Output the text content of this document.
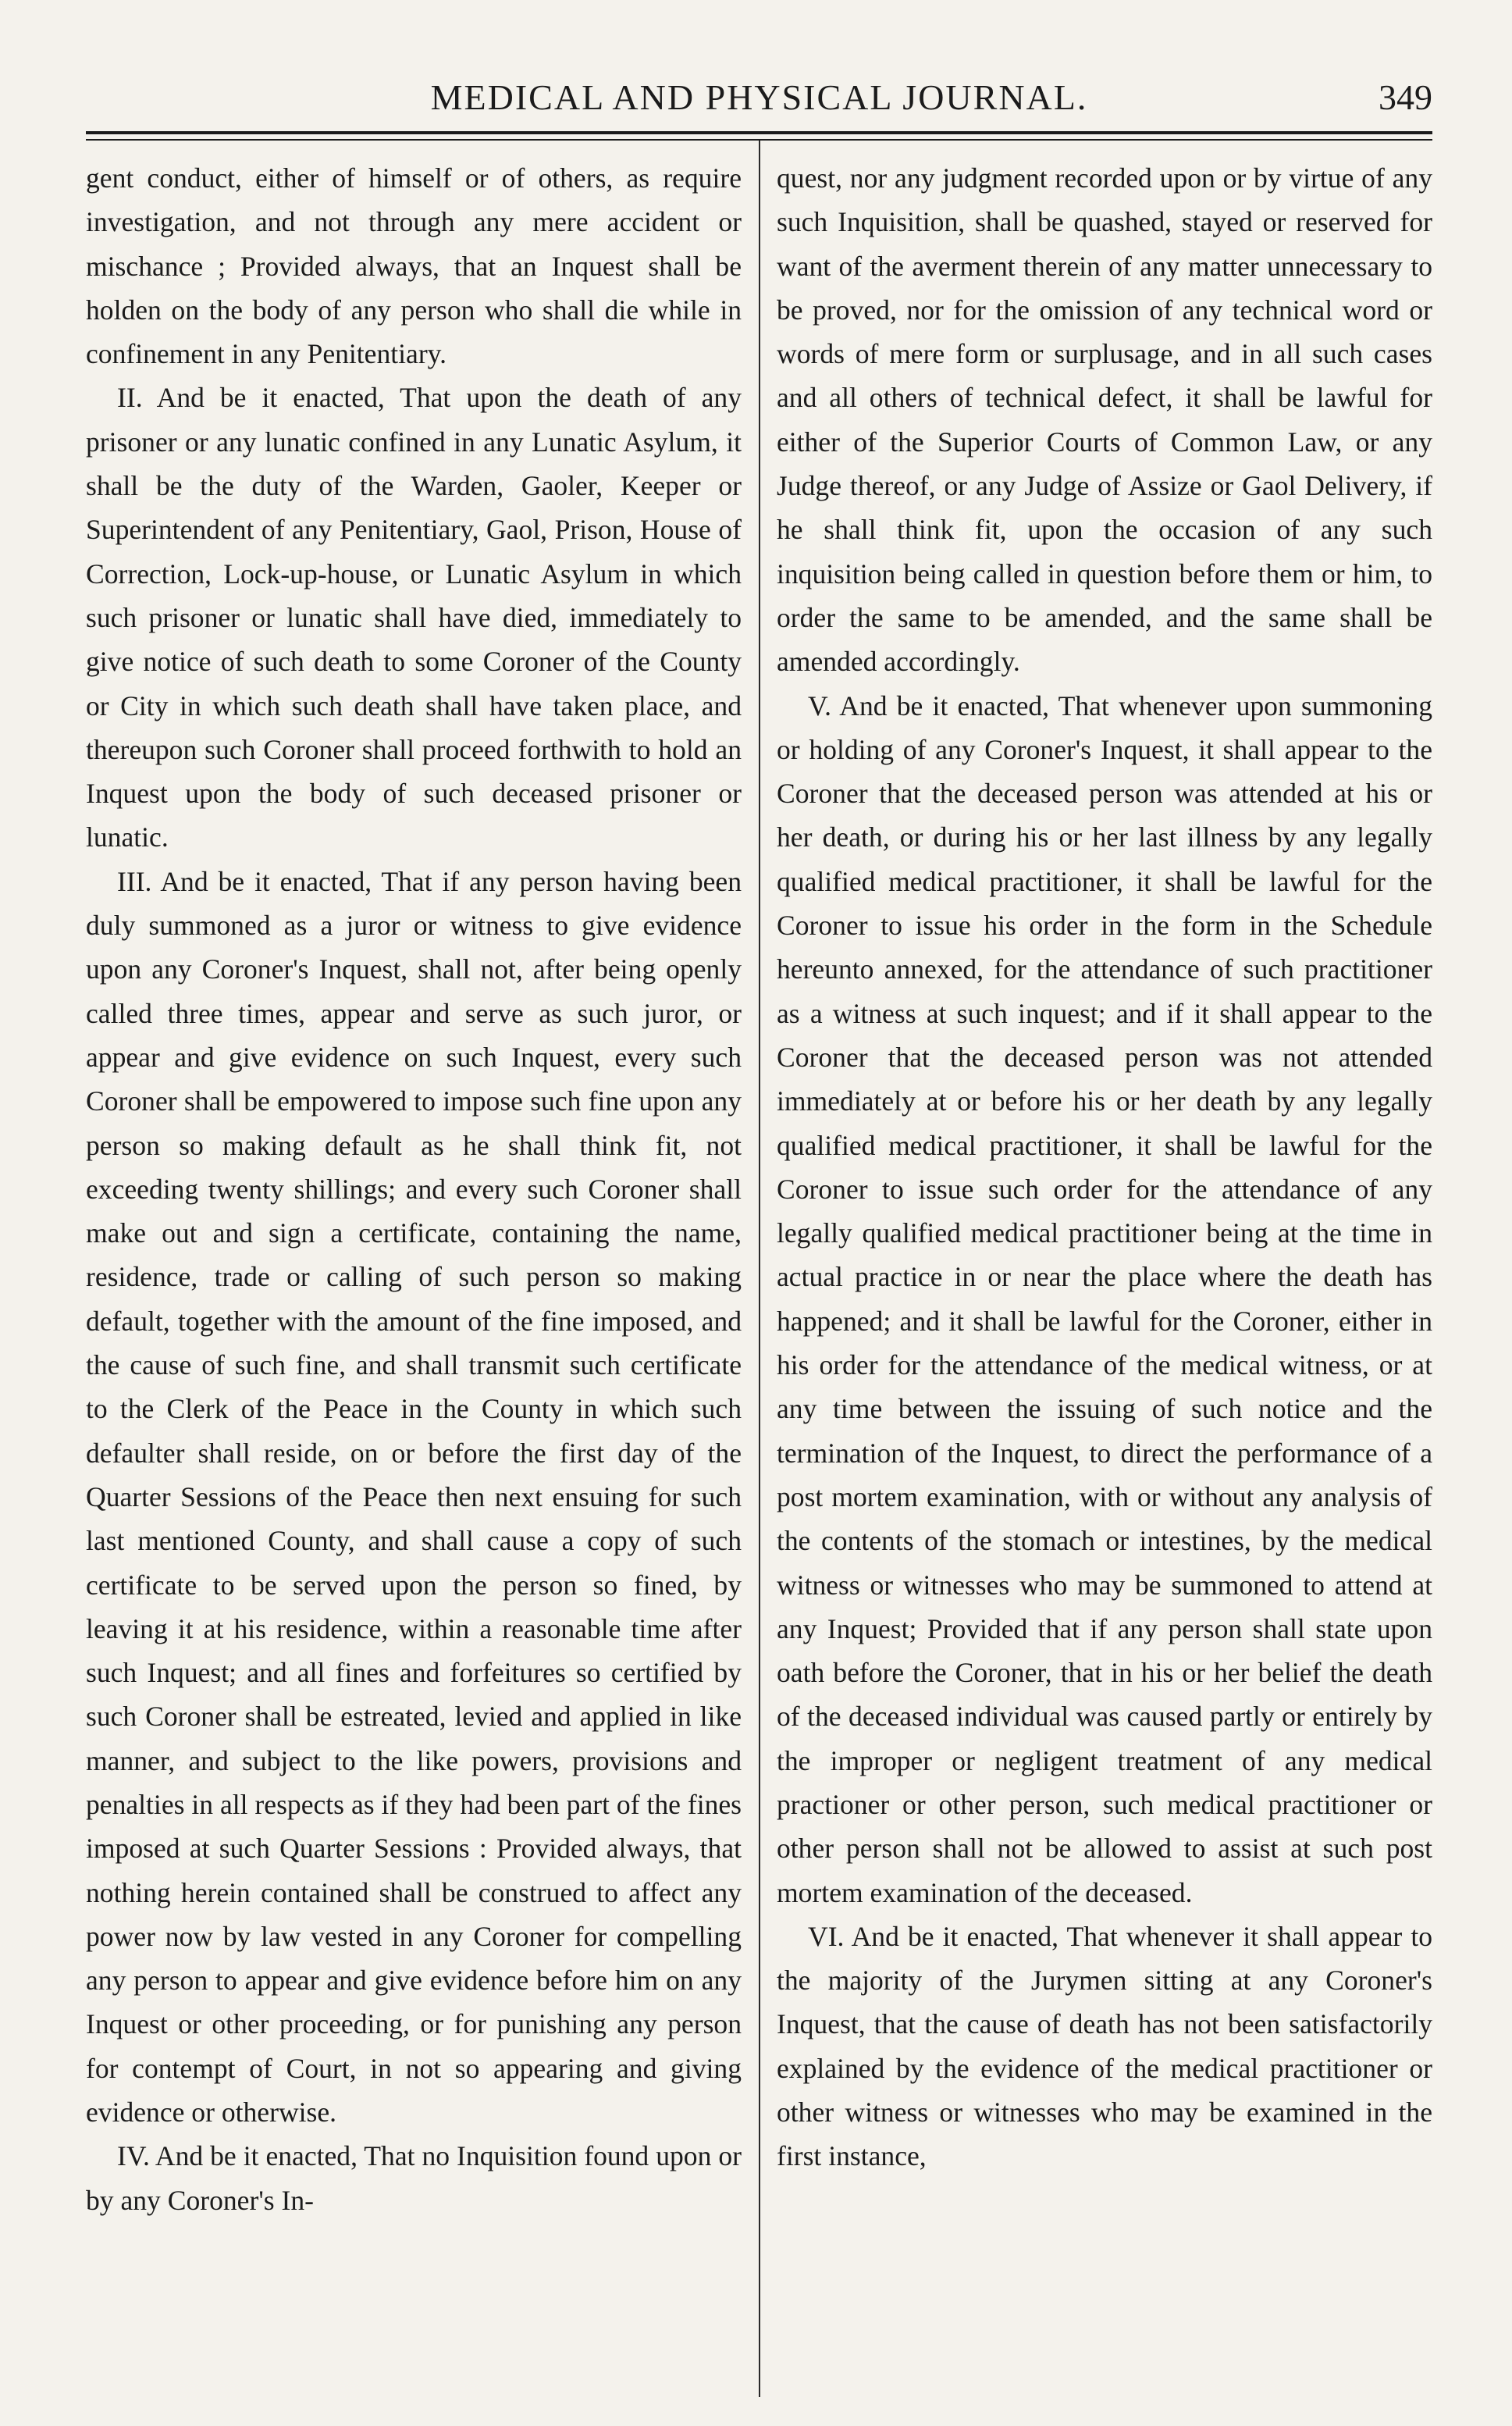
MEDICAL AND PHYSICAL JOURNAL.	349

gent conduct, either of himself or of others, as require investigation, and not through any mere accident or mischance ; Provided always, that an Inquest shall be holden on the body of any person who shall die while in confinement in any Penitentiary.

II. And be it enacted, That upon the death of any prisoner or any lunatic confined in any Lunatic Asylum, it shall be the duty of the Warden, Gaoler, Keeper or Superintendent of any Penitentiary, Gaol, Prison, House of Correction, Lock-up-house, or Lunatic Asylum in which such prisoner or lunatic shall have died, immediately to give notice of such death to some Coroner of the County or City in which such death shall have taken place, and thereupon such Coroner shall proceed forthwith to hold an Inquest upon the body of such deceased prisoner or lunatic.

III. And be it enacted, That if any person having been duly summoned as a juror or witness to give evidence upon any Coroner's Inquest, shall not, after being openly called three times, appear and serve as such juror, or appear and give evidence on such Inquest, every such Coroner shall be empowered to impose such fine upon any person so making default as he shall think fit, not exceeding twenty shillings; and every such Coroner shall make out and sign a certificate, containing the name, residence, trade or calling of such person so making default, together with the amount of the fine imposed, and the cause of such fine, and shall transmit such certificate to the Clerk of the Peace in the County in which such defaulter shall reside, on or before the first day of the Quarter Sessions of the Peace then next ensuing for such last mentioned County, and shall cause a copy of such certificate to be served upon the person so fined, by leaving it at his residence, within a reasonable time after such Inquest; and all fines and forfeitures so certified by such Coroner shall be estreated, levied and applied in like manner, and subject to the like powers, provisions and penalties in all respects as if they had been part of the fines imposed at such Quarter Sessions : Provided always, that nothing herein contained shall be construed to affect any power now by law vested in any Coroner for compelling any person to appear and give evidence before him on any Inquest or other proceeding, or for punishing any person for contempt of Court, in not so appearing and giving evidence or otherwise.

IV. And be it enacted, That no Inquisition found upon or by any Coroner's In-

quest, nor any judgment recorded upon or by virtue of any such Inquisition, shall be quashed, stayed or reserved for want of the averment therein of any matter unnecessary to be proved, nor for the omission of any technical word or words of mere form or surplusage, and in all such cases and all others of technical defect, it shall be lawful for either of the Superior Courts of Common Law, or any Judge thereof, or any Judge of Assize or Gaol Delivery, if he shall think fit, upon the occasion of any such inquisition being called in question before them or him, to order the same to be amended, and the same shall be amended accordingly.

V. And be it enacted, That whenever upon summoning or holding of any Coroner's Inquest, it shall appear to the Coroner that the deceased person was attended at his or her death, or during his or her last illness by any legally qualified medical practitioner, it shall be lawful for the Coroner to issue his order in the form in the Schedule hereunto annexed, for the attendance of such practitioner as a witness at such inquest; and if it shall appear to the Coroner that the deceased person was not attended immediately at or before his or her death by any legally qualified medical practitioner, it shall be lawful for the Coroner to issue such order for the attendance of any legally qualified medical practitioner being at the time in actual practice in or near the place where the death has happened; and it shall be lawful for the Coroner, either in his order for the attendance of the medical witness, or at any time between the issuing of such notice and the termination of the Inquest, to direct the performance of a post mortem examination, with or without any analysis of the contents of the stomach or intestines, by the medical witness or witnesses who may be summoned to attend at any Inquest; Provided that if any person shall state upon oath before the Coroner, that in his or her belief the death of the deceased individual was caused partly or entirely by the improper or negligent treatment of any medical practioner or other person, such medical practitioner or other person shall not be allowed to assist at such post mortem examination of the deceased.

VI. And be it enacted, That whenever it shall appear to the majority of the Jurymen sitting at any Coroner's Inquest, that the cause of death has not been satisfactorily explained by the evidence of the medical practitioner or other witness or witnesses who may be examined in the first instance,
